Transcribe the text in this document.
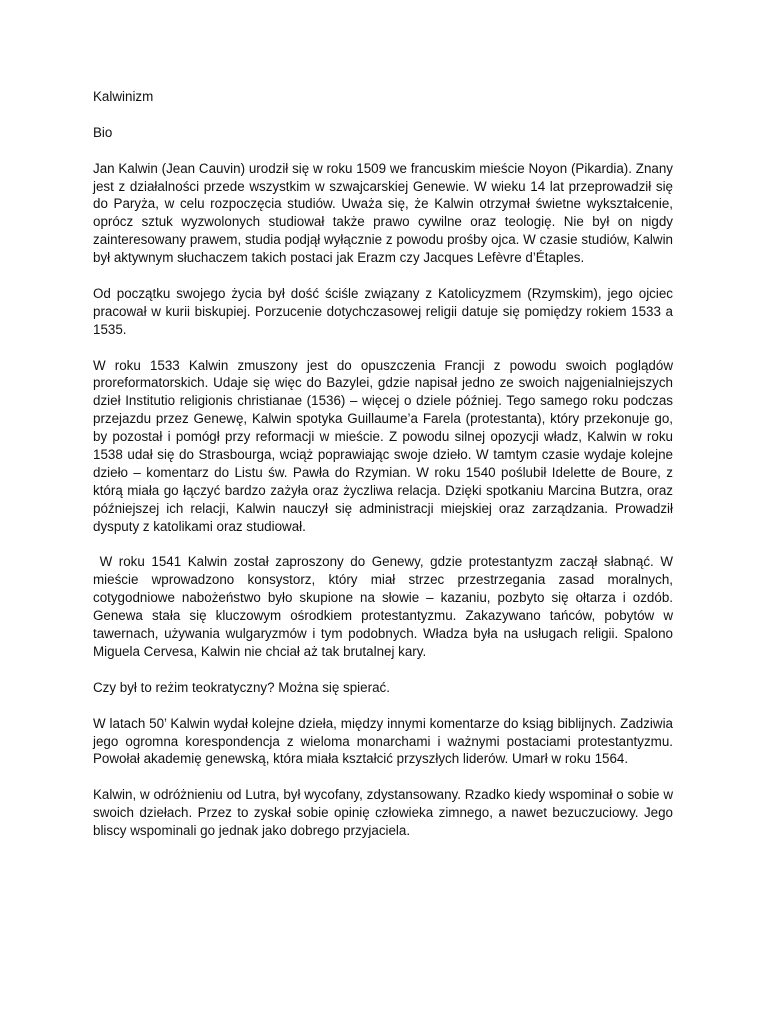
Kalwinizm

Bio

Jan Kalwin (Jean Cauvin) urodził się w roku 1509 we francuskim mieście Noyon (Pikardia). Znany jest z działalności przede wszystkim w szwajcarskiej Genewie. W wieku 14 lat przeprowadził się do Paryża, w celu rozpoczęcia studiów. Uważa się, że Kalwin otrzymał świetne wykształcenie, oprócz sztuk wyzwolonych studiował także prawo cywilne oraz teologię. Nie był on nigdy zainteresowany prawem, studia podjął wyłącznie z powodu prośby ojca. W czasie studiów, Kalwin był aktywnym słuchaczem takich postaci jak Erazm czy Jacques Lefèvre d’Étaples.

Od początku swojego życia był dość ściśle związany z Katolicyzmem (Rzymskim), jego ojciec pracował w kurii biskupiej. Porzucenie dotychczasowej religii datuje się pomiędzy rokiem 1533 a 1535.

W roku 1533 Kalwin zmuszony jest do opuszczenia Francji z powodu swoich poglądów proreformatorskich. Udaje się więc do Bazylei, gdzie napisał jedno ze swoich najgenialniejszych dzieł Institutio religionis christianae (1536) – więcej o dziele później. Tego samego roku podczas przejazdu przez Genewę, Kalwin spotyka Guillaume’a Farela (protestanta), który przekonuje go, by pozostał i pomógł przy reformacji w mieście. Z powodu silnej opozycji władz, Kalwin w roku 1538 udał się do Strasbourga, wciąż poprawiając swoje dzieło. W tamtym czasie wydaje kolejne dzieło – komentarz do Listu św. Pawła do Rzymian. W roku 1540 poślubił Idelette de Boure, z którą miała go łączyć bardzo zażyła oraz życzliwa relacja. Dzięki spotkaniu Marcina Butzra, oraz późniejszej ich relacji, Kalwin nauczył się administracji miejskiej oraz zarządzania. Prowadził dysputy z katolikami oraz studiował.

W roku 1541 Kalwin został zaproszony do Genewy, gdzie protestantyzm zaczął słabnąć. W mieście wprowadzono konsystorz, który miał strzec przestrzegania zasad moralnych, cotygodniowe nabożeństwo było skupione na słowie – kazaniu, pozbyto się ołtarza i ozdób. Genewa stała się kluczowym ośrodkiem protestantyzmu. Zakazywano tańców, pobytów w tawernach, używania wulgaryzmów i tym podobnych. Władza była na usługach religii. Spalono Miguela Cervesa, Kalwin nie chciał aż tak brutalnej kary.

Czy był to reżim teokratyczny? Można się spierać.

W latach 50’ Kalwin wydał kolejne dzieła, między innymi komentarze do ksiąg biblijnych. Zadziwia jego ogromna korespondencja z wieloma monarchami i ważnymi postaciami protestantyzmu. Powołał akademię genewską, która miała kształcić przyszłych liderów. Umarł w roku 1564.

Kalwin, w odróżnieniu od Lutra, był wycofany, zdystansowany. Rzadko kiedy wspominał o sobie w swoich dziełach. Przez to zyskał sobie opinię człowieka zimnego, a nawet bezuczuciowy. Jego bliscy wspominali go jednak jako dobrego przyjaciela.
